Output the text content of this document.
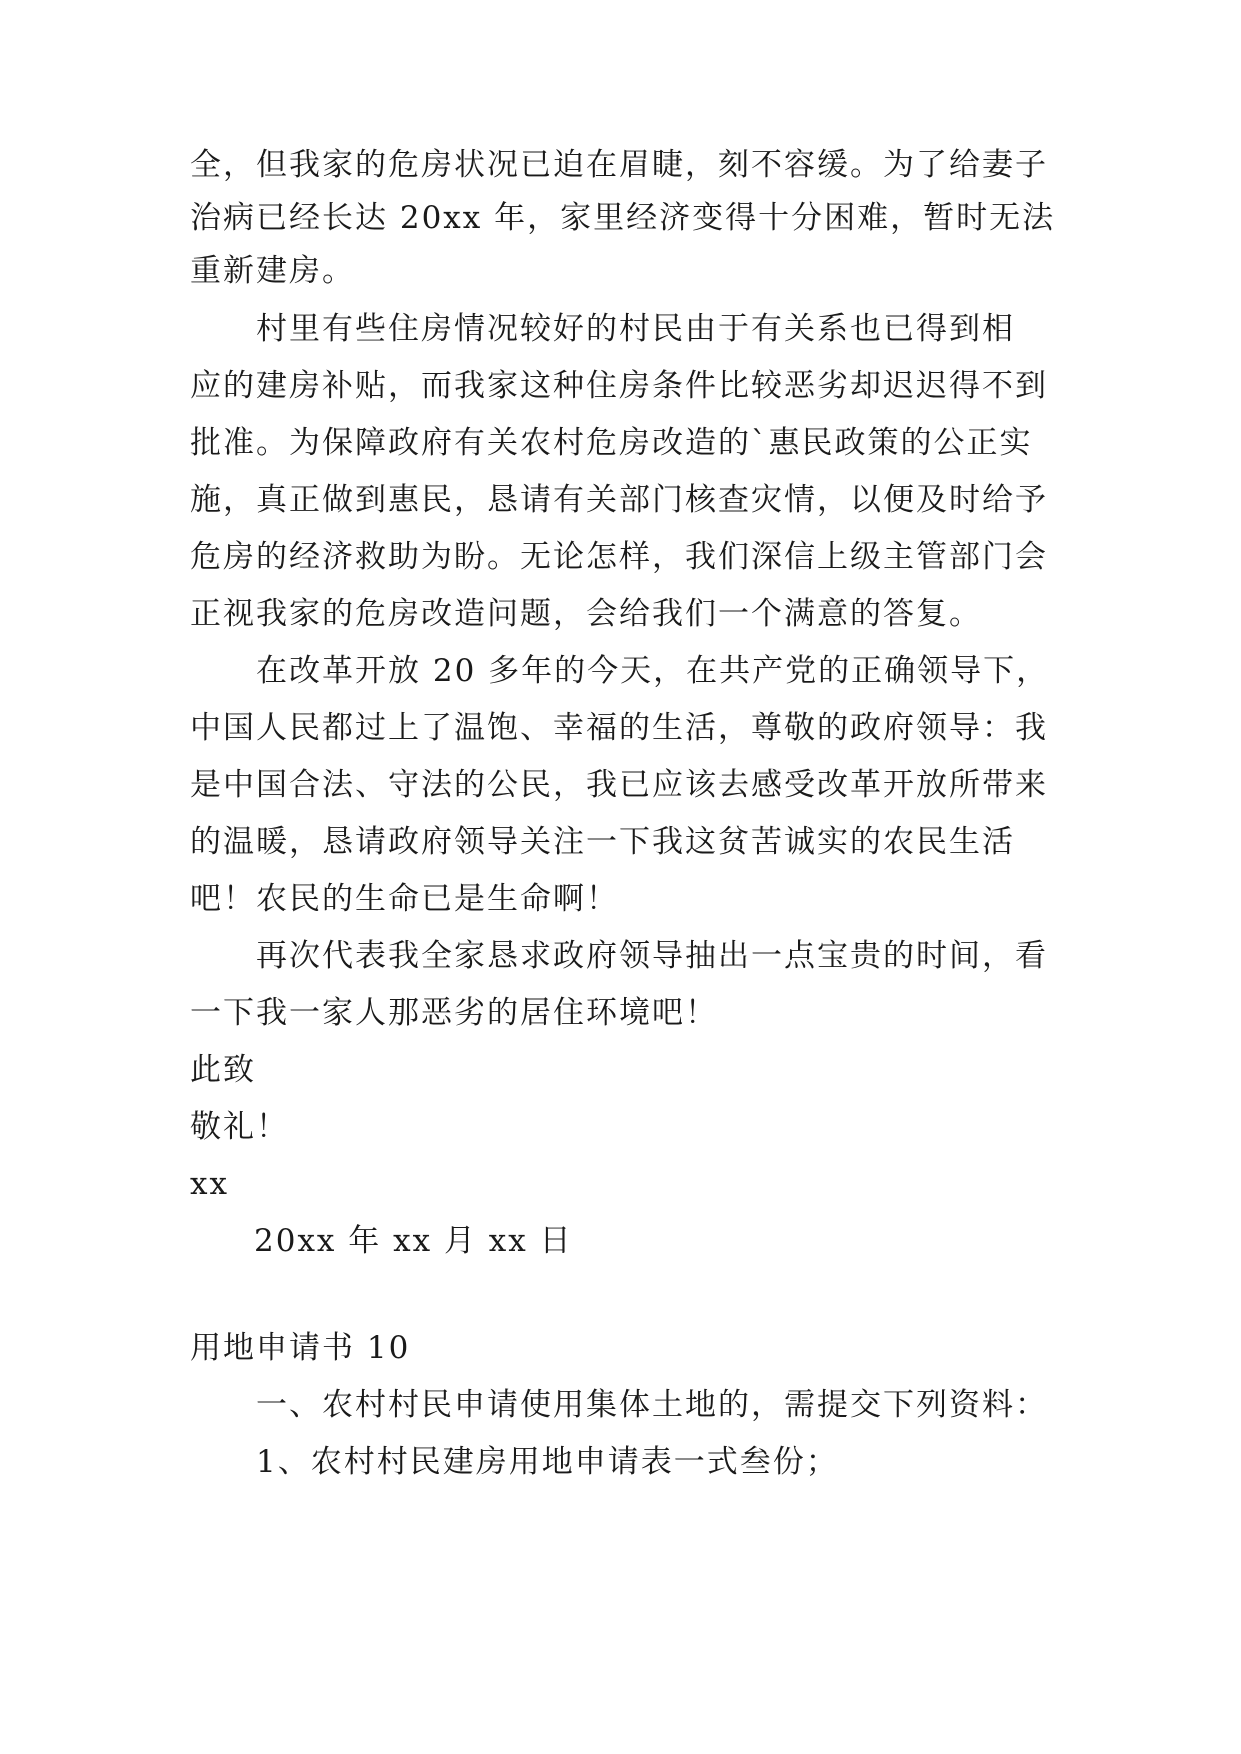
全，但我家的危房状况已迫在眉睫，刻不容缓。为了给妻子
治病已经长达 20xx 年，家里经济变得十分困难，暂时无法
重新建房。
村里有些住房情况较好的村民由于有关系也已得到相
应的建房补贴，而我家这种住房条件比较恶劣却迟迟得不到
批准。为保障政府有关农村危房改造的`惠民政策的公正实
施，真正做到惠民，恳请有关部门核查灾情，以便及时给予
危房的经济救助为盼。无论怎样，我们深信上级主管部门会
正视我家的危房改造问题，会给我们一个满意的答复。
在改革开放 20 多年的今天，在共产党的正确领导下，
中国人民都过上了温饱、幸福的生活，尊敬的政府领导：我
是中国合法、守法的公民，我已应该去感受改革开放所带来
的温暖，恳请政府领导关注一下我这贫苦诚实的农民生活
吧！农民的生命已是生命啊！
再次代表我全家恳求政府领导抽出一点宝贵的时间，看
一下我一家人那恶劣的居住环境吧！
此致
敬礼！
xx
20xx 年 xx 月 xx 日
用地申请书 10
一、农村村民申请使用集体土地的，需提交下列资料：
1、农村村民建房用地申请表一式叁份；
